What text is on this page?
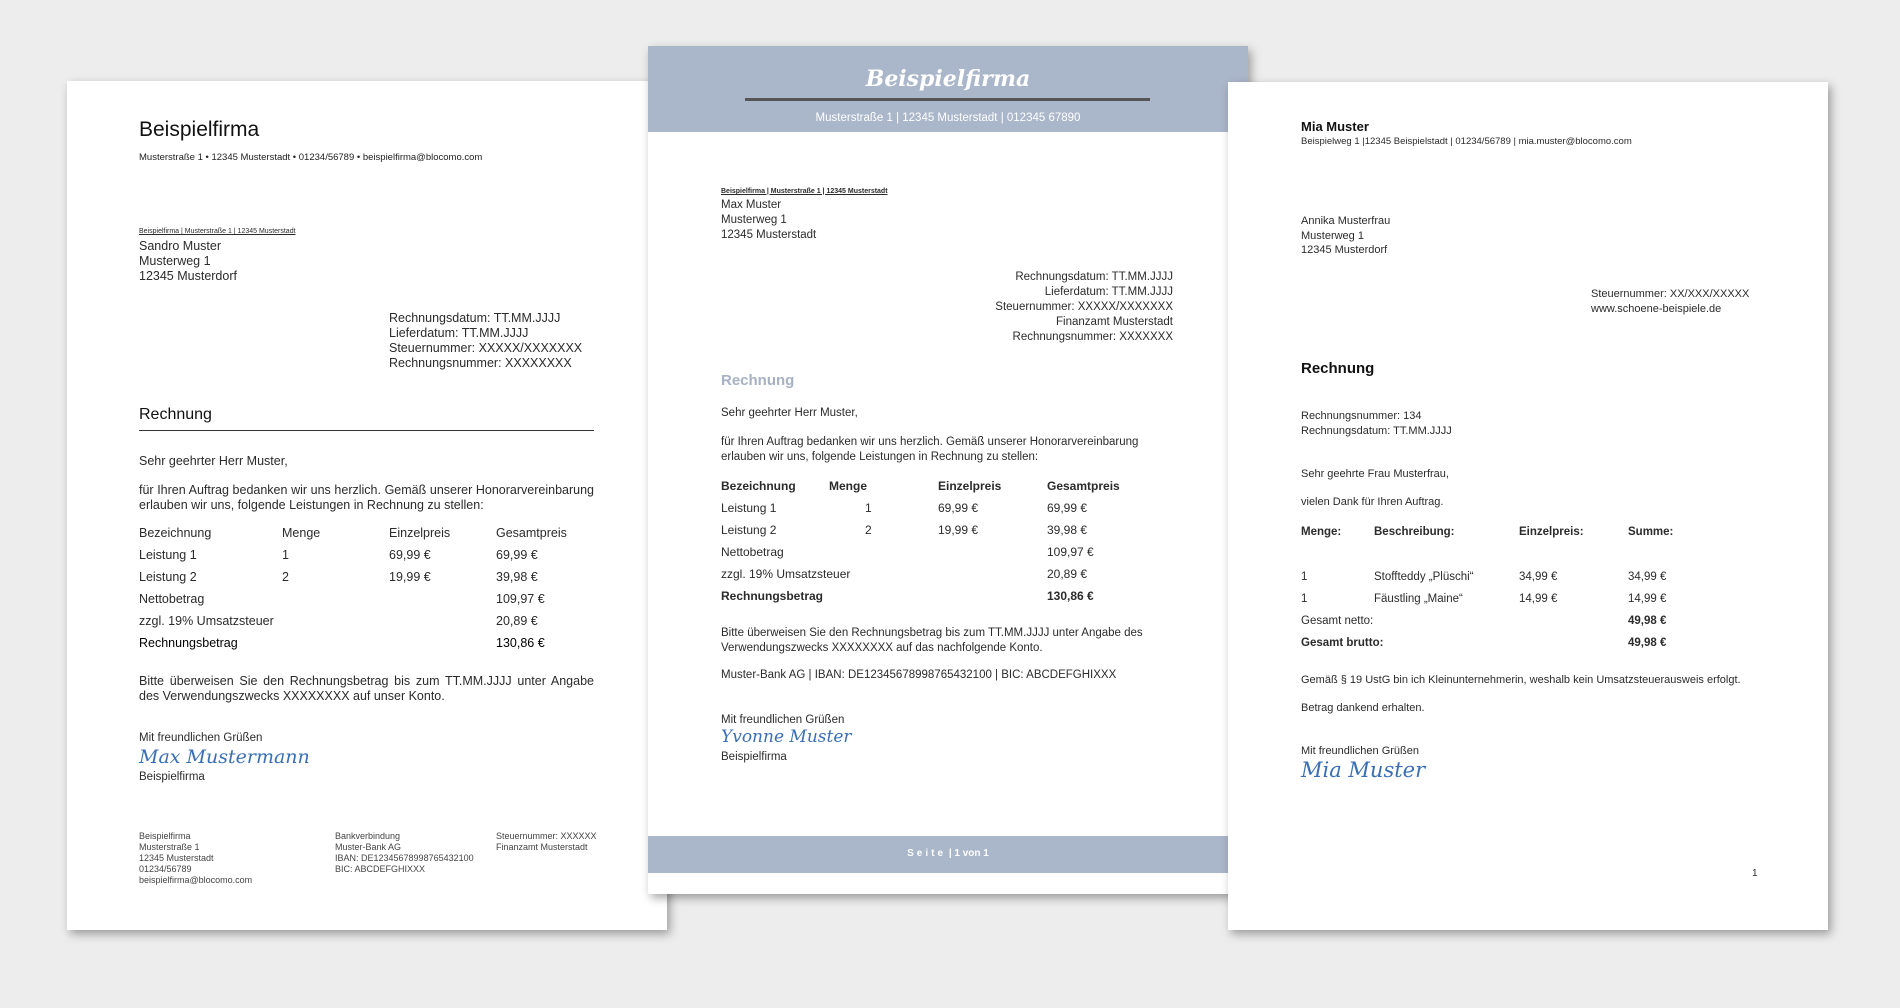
Beispielfirma
Musterstraße 1 • 12345 Musterstadt • 01234/56789 • beispielfirma@blocomo.com
Beispielfirma | Musterstraße 1 | 12345 Musterstadt
Sandro Muster
Musterweg 1
12345 Musterdorf
Rechnungsdatum: TT.MM.JJJJ
Lieferdatum: TT.MM.JJJJ
Steuernummer: XXXXX/XXXXXXX
Rechnungsnummer: XXXXXXXX
Rechnung
Sehr geehrter Herr Muster,
für Ihren Auftrag bedanken wir uns herzlich. Gemäß unserer Honorarvereinbarung erlauben wir uns, folgende Leistungen in Rechnung zu stellen:
Bezeichnung	Menge	Einzelpreis	Gesamtpreis
Leistung 1	1	69,99 €	69,99 €
Leistung 2	2	19,99 €	39,98 €
Nettobetrag			109,97 €
zzgl. 19% Umsatzsteuer			20,89 €
Rechnungsbetrag			130,86 €
Bitte überweisen Sie den Rechnungsbetrag bis zum TT.MM.JJJJ unter Angabe des Verwendungszwecks XXXXXXXX auf unser Konto.
Mit freundlichen Grüßen
Max Mustermann
Beispielfirma
Beispielfirma
Musterstraße 1
12345 Musterstadt
01234/56789
beispielfirma@blocomo.com
Bankverbindung
Muster-Bank AG
IBAN: DE12345678998765432100
BIC: ABCDEFGHIXXX
Steuernummer: XXXXXX
Finanzamt Musterstadt
Beispielfirma
Musterstraße 1 | 12345 Musterstadt | 012345 67890
Beispielfirma | Musterstraße 1 | 12345 Musterstadt
Max Muster
Musterweg 1
12345 Musterstadt
Rechnungsdatum: TT.MM.JJJJ
Lieferdatum: TT.MM.JJJJ
Steuernummer: XXXXX/XXXXXXX
Finanzamt Musterstadt
Rechnungsnummer: XXXXXXX
Rechnung
Sehr geehrter Herr Muster,
für Ihren Auftrag bedanken wir uns herzlich. Gemäß unserer Honorarvereinbarung erlauben wir uns, folgende Leistungen in Rechnung zu stellen:
Bezeichnung	Menge	Einzelpreis	Gesamtpreis
Leistung 1	1	69,99 €	69,99 €
Leistung 2	2	19,99 €	39,98 €
Nettobetrag			109,97 €
zzgl. 19% Umsatzsteuer			20,89 €
Rechnungsbetrag			130,86 €
Bitte überweisen Sie den Rechnungsbetrag bis zum TT.MM.JJJJ unter Angabe des Verwendungszwecks XXXXXXXX auf das nachfolgende Konto.
Muster-Bank AG | IBAN: DE12345678998765432100 | BIC: ABCDEFGHIXXX
Mit freundlichen Grüßen
Yvonne Muster
Beispielfirma
Seite | 1 von 1
Mia Muster
Beispielweg 1 |12345 Beispielstadt | 01234/56789 | mia.muster@blocomo.com
Annika Musterfrau
Musterweg 1
12345 Musterdorf
Steuernummer: XX/XXX/XXXXX
www.schoene-beispiele.de
Rechnung
Rechnungsnummer: 134
Rechnungsdatum: TT.MM.JJJJ
Sehr geehrte Frau Musterfrau,
vielen Dank für Ihren Auftrag.
Menge:	Beschreibung:	Einzelpreis:	Summe:
1	Stoffteddy „Plüschi“	34,99 €	34,99 €
1	Fäustling „Maine“	14,99 €	14,99 €
Gesamt netto:			49,98 €
Gesamt brutto:			49,98 €
Gemäß § 19 UstG bin ich Kleinunternehmerin, weshalb kein Umsatzsteuerausweis erfolgt.
Betrag dankend erhalten.
Mit freundlichen Grüßen
Mia Muster
1
